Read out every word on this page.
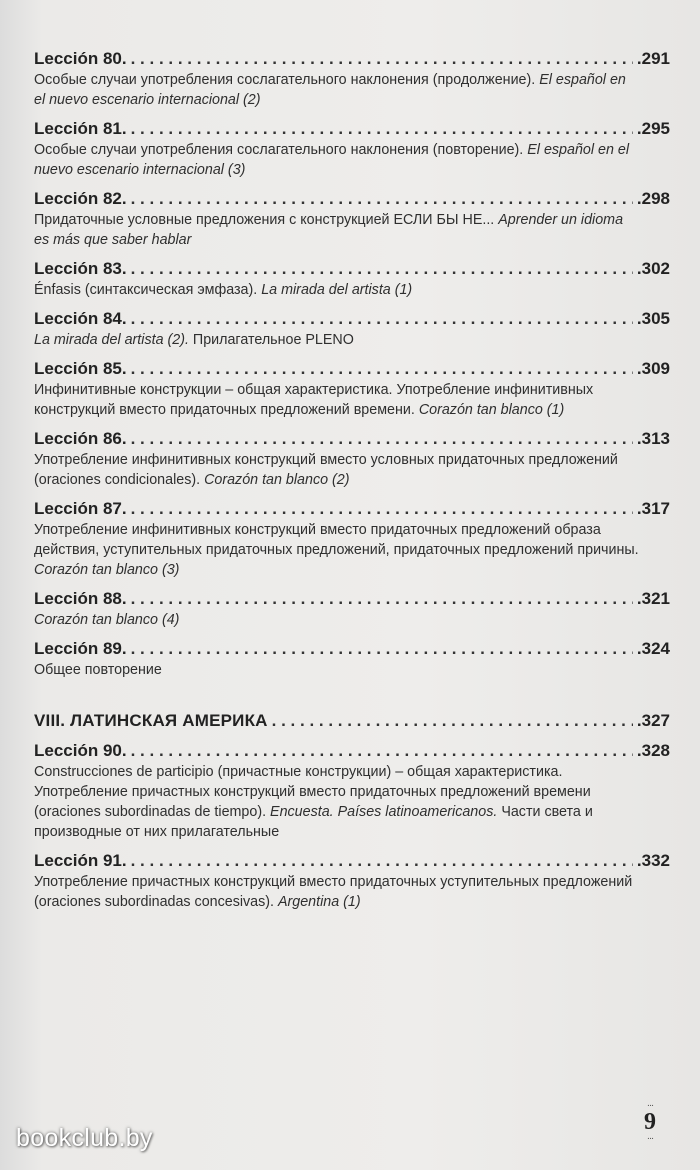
Lección 80. . . .	.291
Особые случаи употребления сослагательного наклонения (продолжение). El español en el nuevo escenario internacional (2)
Lección 81. . . .	.295
Особые случаи употребления сослагательного наклонения (повторение). El español en el nuevo escenario internacional (3)
Lección 82. . . .	.298
Придаточные условные предложения с конструкцией ЕСЛИ БЫ НЕ... Aprender un idioma es más que saber hablar
Lección 83. . . .	.302
Énfasis (синтаксическая эмфаза). La mirada del artista (1)
Lección 84. . . .	.305
La mirada del artista (2). Прилагательное PLENO
Lección 85. . . .	.309
Инфинитивные конструкции – общая характеристика. Употребление инфинитивных конструкций вместо придаточных предложений времени. Corazón tan blanco (1)
Lección 86. . . .	.313
Употребление инфинитивных конструкций вместо условных придаточных предложений (oraciones condicionales). Corazón tan blanco (2)
Lección 87. . . .	.317
Употребление инфинитивных конструкций вместо придаточных предложений образа действия, уступительных придаточных предложений, придаточных предложений причины. Corazón tan blanco (3)
Lección 88. . . .	.321
Corazón tan blanco (4)
Lección 89. . . .	.324
Общее повторение
VIII. ЛАТИНСКАЯ АМЕРИКА . . .	.327
Lección 90. . . .	.328
Construcciones de participio (причастные конструкции) – общая характеристика. Употребление причастных конструкций вместо придаточных предложений времени (oraciones subordinadas de tiempo). Encuesta. Países latinoamericanos. Части света и производные от них прилагательные
Lección 91. . . .	.332
Употребление причастных конструкций вместо придаточных уступительных предложений (oraciones subordinadas concesivas). Argentina (1)
· · · 9 · · ·
bookclub.by
